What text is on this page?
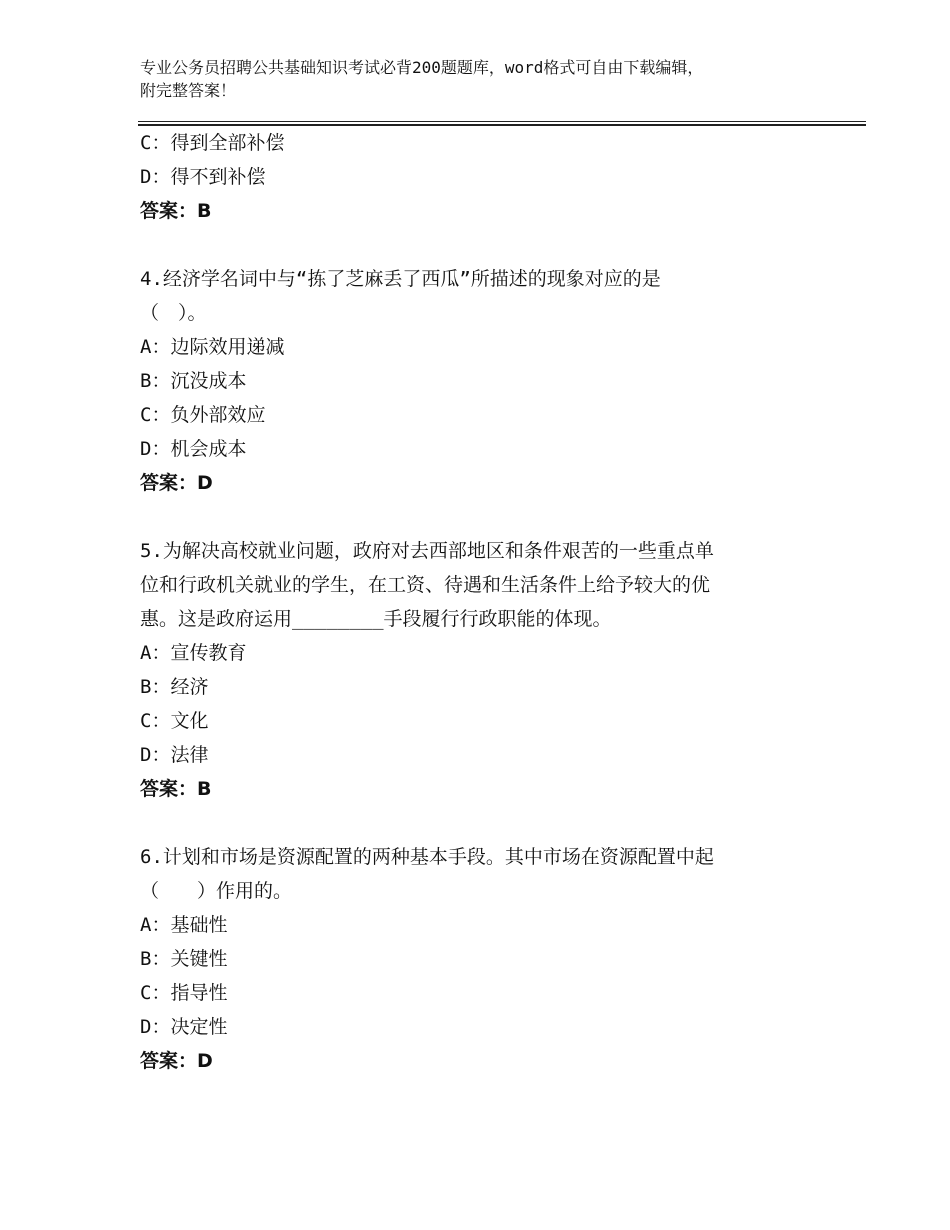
专业公务员招聘公共基础知识考试必背200题题库，word格式可自由下载编辑，
附完整答案！
C：得到全部补偿
D：得不到补偿
答案：B
4.经济学名词中与“拣了芝麻丢了西瓜”所描述的现象对应的是
（　）。
A：边际效用递减
B：沉没成本
C：负外部效应
D：机会成本
答案：D
5.为解决高校就业问题，政府对去西部地区和条件艰苦的一些重点单
位和行政机关就业的学生，在工资、待遇和生活条件上给予较大的优
惠。这是政府运用________手段履行行政职能的体现。
A：宣传教育
B：经济
C：文化
D：法律
答案：B
6.计划和市场是资源配置的两种基本手段。其中市场在资源配置中起
（　　）作用的。
A：基础性
B：关键性
C：指导性
D：决定性
答案：D
